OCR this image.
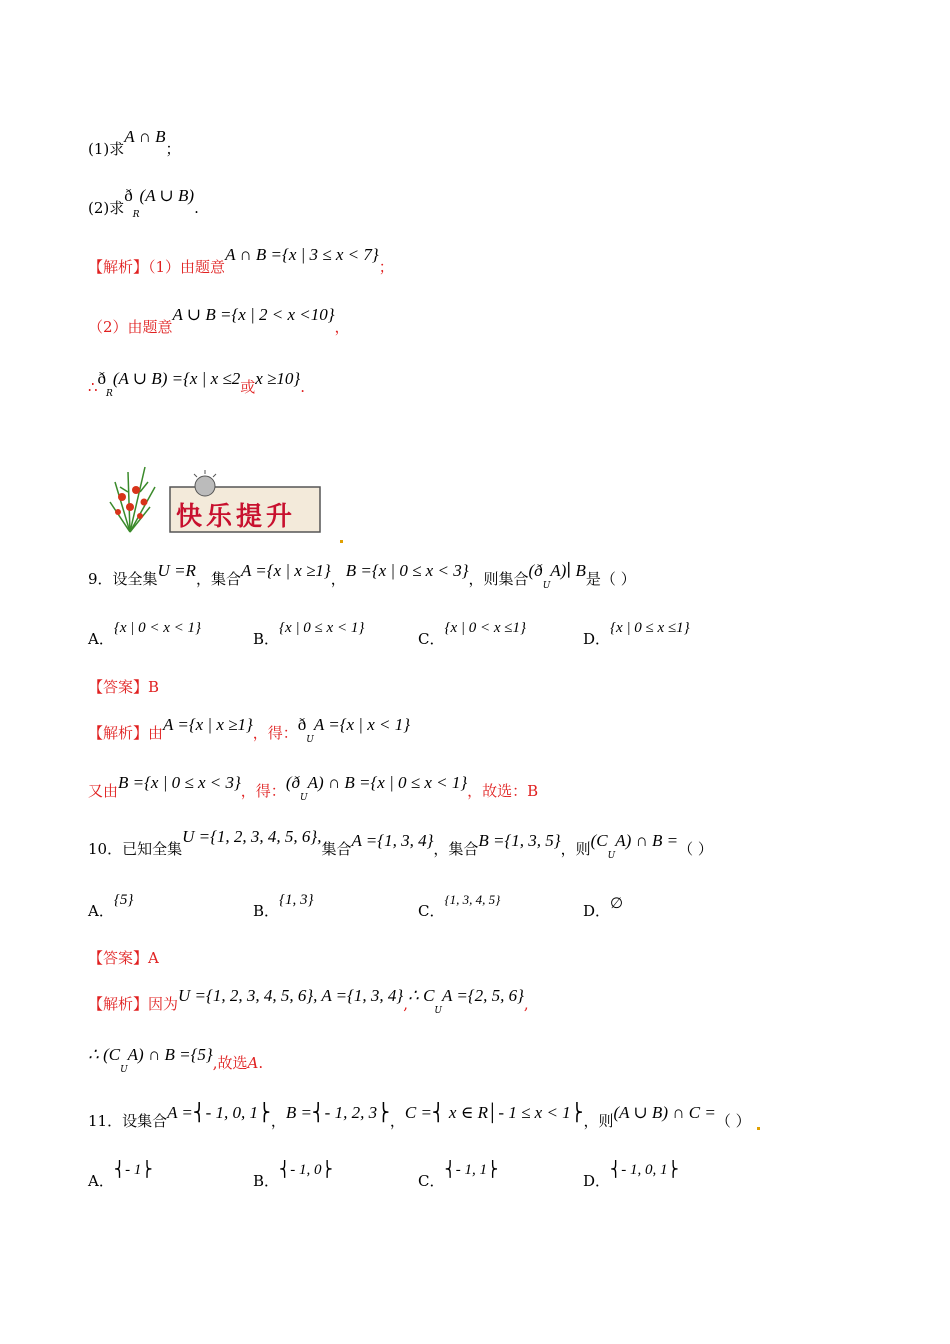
(1)求A ∩ B；
(2)求$ð_R(A$ ∪ B).
【解析】（1）由题意A ∩ B ={x | 3 ≤ x < 7}；
（2）由题意A ∪ B ={x | 2 < x <10}，
$\therefore ð_R(A$ ∪ B) ={x | x ≤2或x ≥10}.
快乐提升
9．设全集U =R，集合A ={x | x ≥1}，B ={x | 0 ≤ x < 3}，则集合$(ð_UA)∣$ B是（ ）
A．{x | 0 < x < 1}
B．{x | 0 ≤ x < 1}
C．{x | 0 < x ≤1}
D．{x | 0 ≤ x ≤1}
【答案】B
【解析】由A ={x | x ≥1}，得：$ð_UA =\{x$ | x < 1}
又由B ={x | 0 ≤ x < 3}，得：$(ð_UA)$ ∩ B ={x | 0 ≤ x < 1}，故选：B
10．已知全集U ={1, 2, 3, 4, 5, 6},集合A ={1, 3, 4}，集合B ={1, 3, 5}，则$(C_UA)$ ∩ B =（ ）
A．{5}
B．{1, 3}
C．{1, 3, 4, 5}
D．∅
【答案】A
【解析】因为U ={1, 2, 3, 4, 5, 6}, A ={1, 3, 4},∴ $C_UA =\{2$, 5, 6},
∴ $(C_UA)$ ∩ B ={5},故选A.
11．设集合A =⎨- 1, 0, 1⎬，B =⎨- 1, 2, 3⎬，C =⎨ x ∈ R│- 1 ≤ x < 1⎬，则(A ∪ B) ∩ C =（ ）
A．⎨- 1⎬
B．⎨- 1, 0⎬
C．⎨- 1, 1⎬
D．⎨- 1, 0, 1⎬
